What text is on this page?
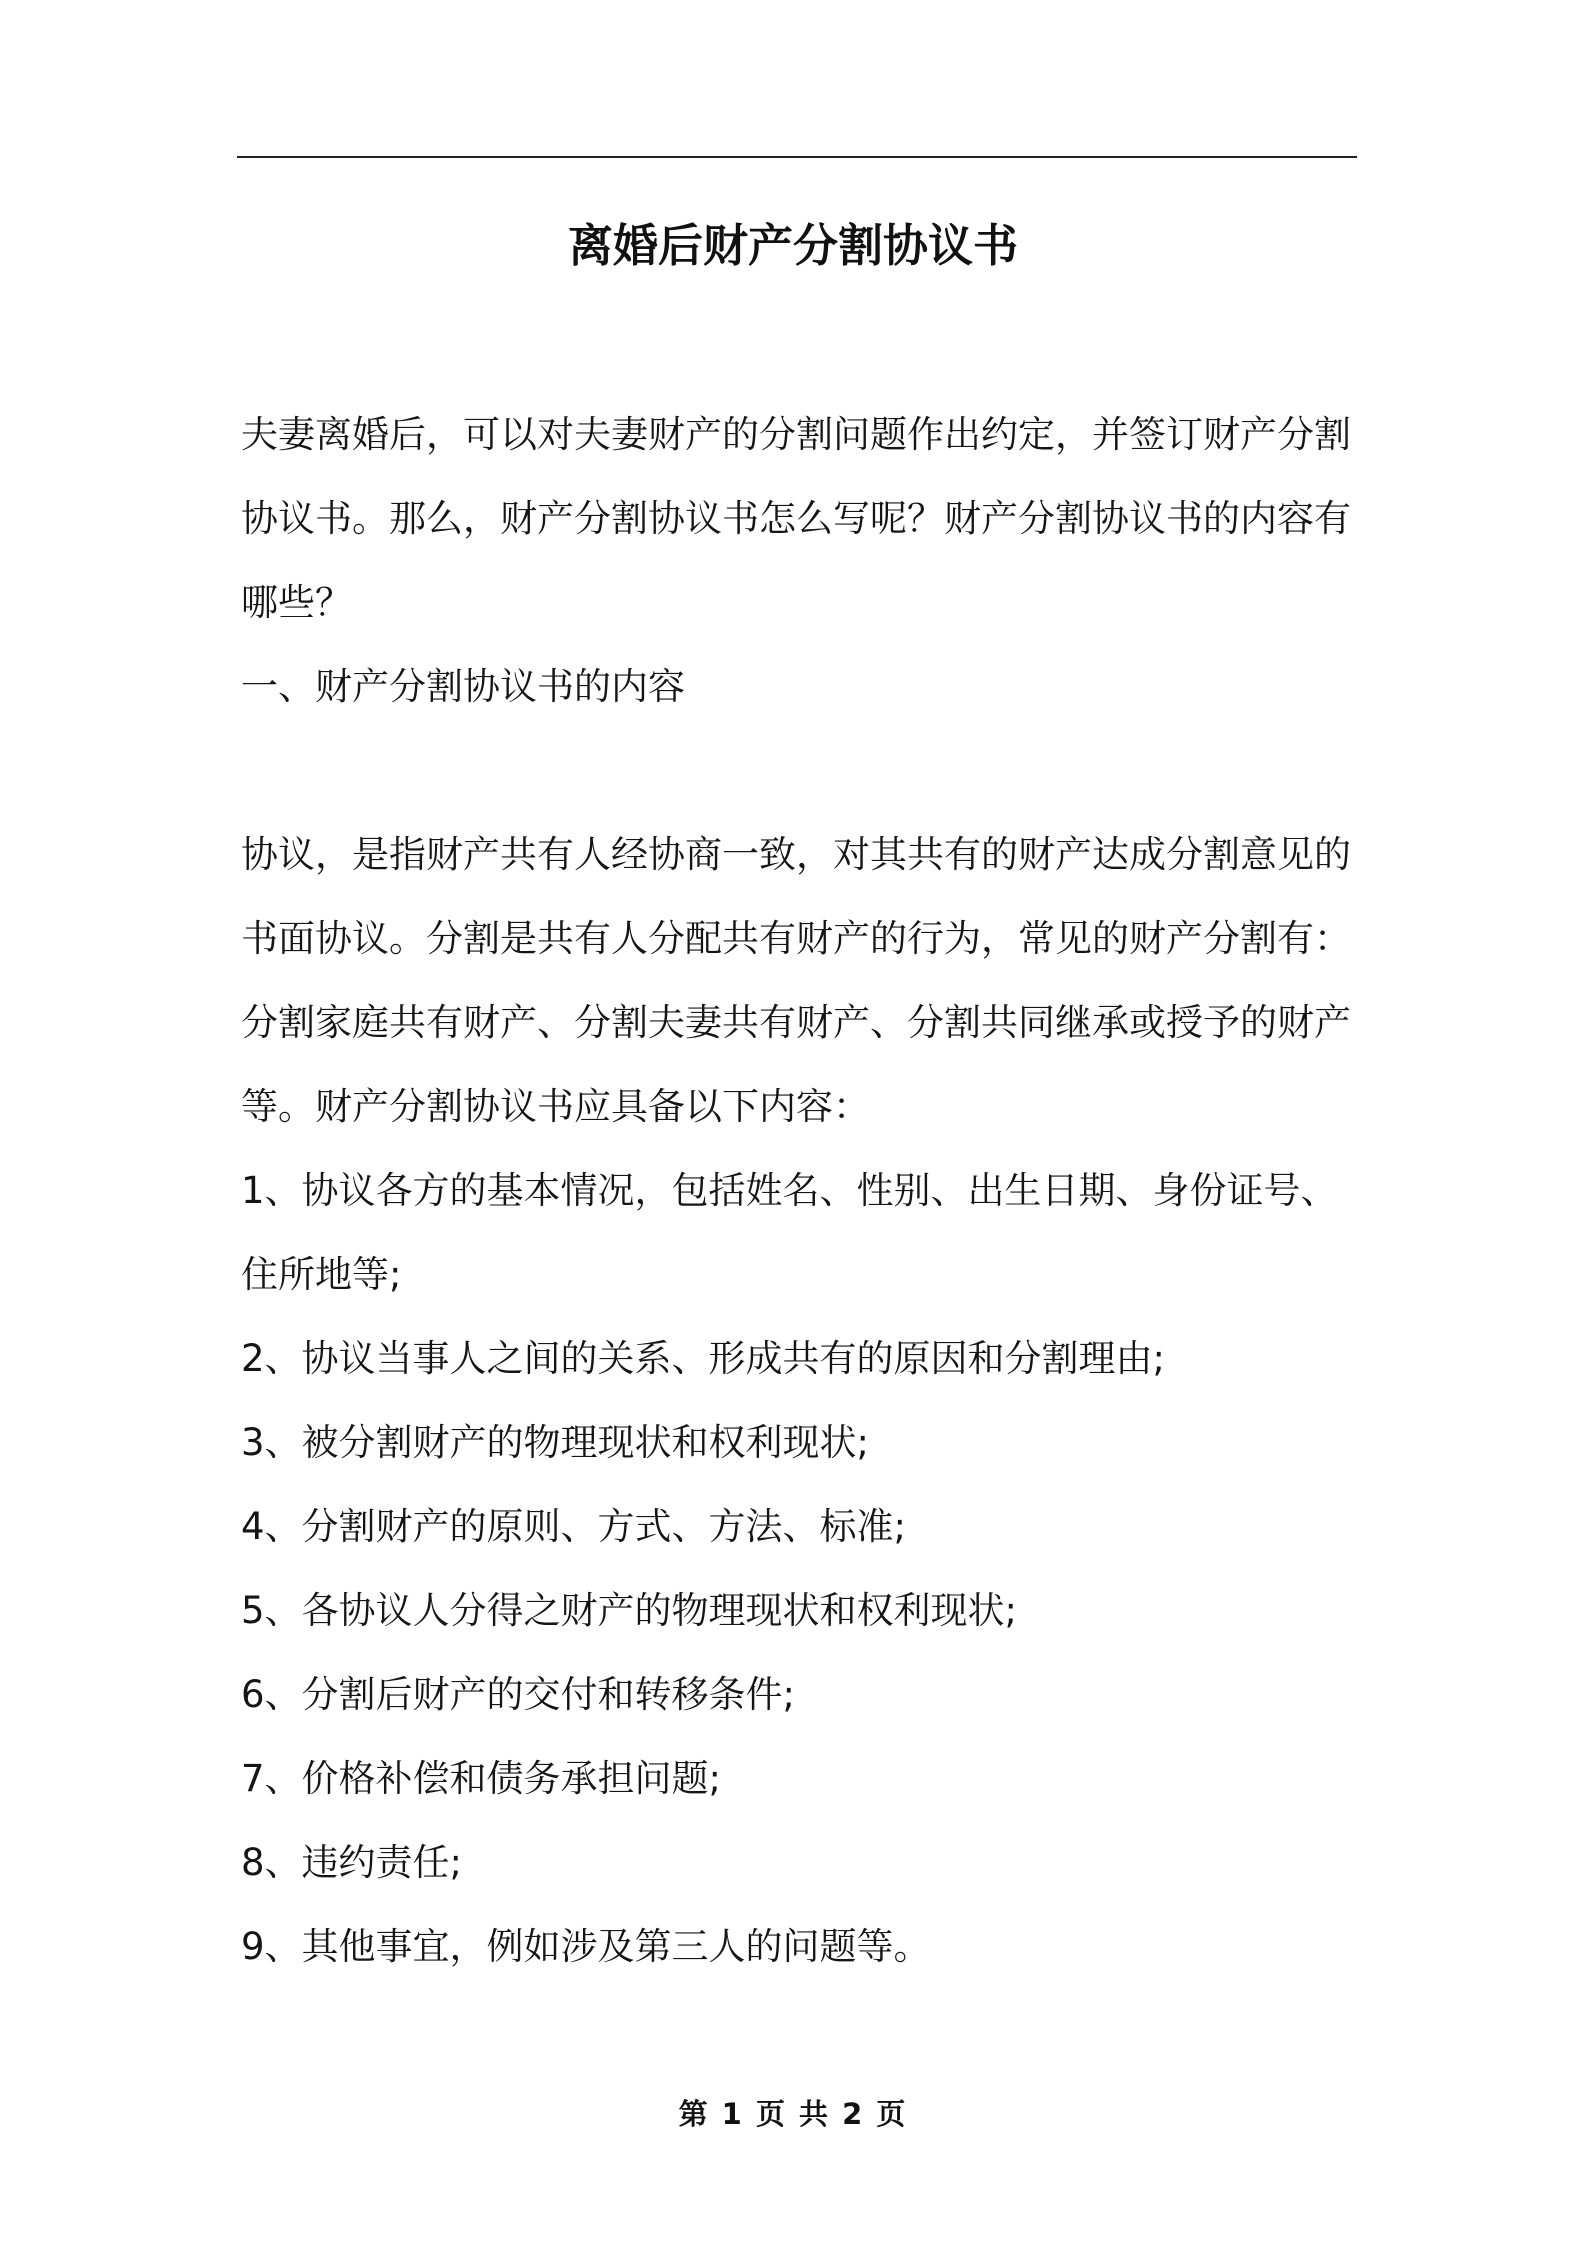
离婚后财产分割协议书
夫妻离婚后，可以对夫妻财产的分割问题作出约定，并签订财产分割
协议书。那么，财产分割协议书怎么写呢？财产分割协议书的内容有
哪些？
一、财产分割协议书的内容
协议，是指财产共有人经协商一致，对其共有的财产达成分割意见的
书面协议。分割是共有人分配共有财产的行为，常见的财产分割有：
分割家庭共有财产、分割夫妻共有财产、分割共同继承或授予的财产
等。财产分割协议书应具备以下内容：
1、协议各方的基本情况，包括姓名、性别、出生日期、身份证号、
住所地等;
2、协议当事人之间的关系、形成共有的原因和分割理由;
3、被分割财产的物理现状和权利现状;
4、分割财产的原则、方式、方法、标准;
5、各协议人分得之财产的物理现状和权利现状;
6、分割后财产的交付和转移条件;
7、价格补偿和债务承担问题;
8、违约责任;
9、其他事宜，例如涉及第三人的问题等。
第 1 页 共 2 页
